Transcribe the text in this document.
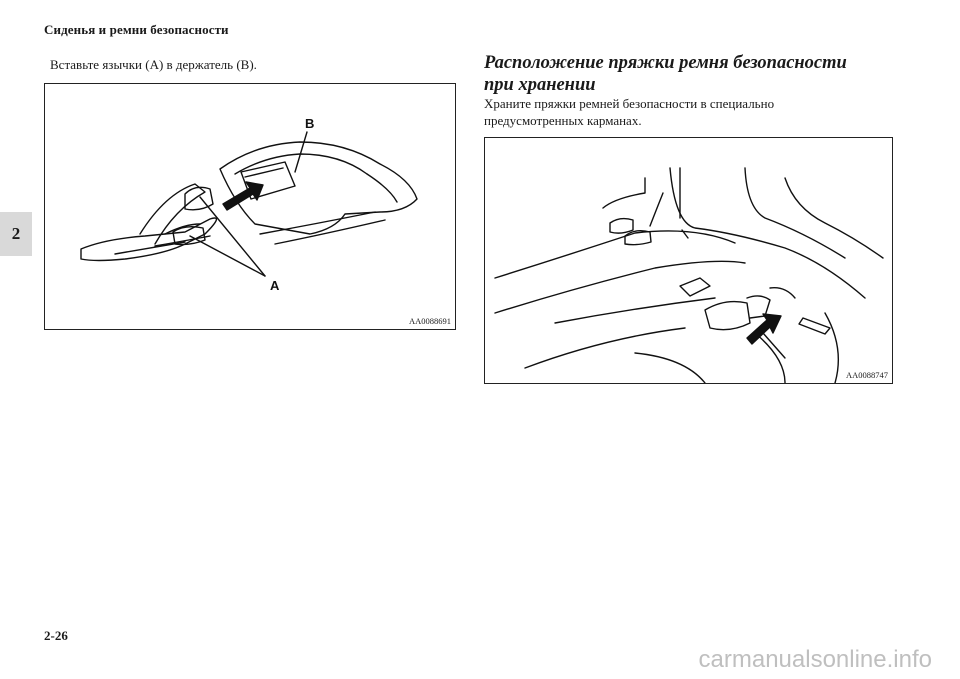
Сиденья и ремни безопасности
2
Вставьте язычки (A) в держатель (B).
A
B
AA0088691
Расположение пряжки ремня безопасности
при хранении
Храните пряжки ремней безопасности в специально
предусмотренных карманах.
AA0088747
2-26
carmanualsonline.info
